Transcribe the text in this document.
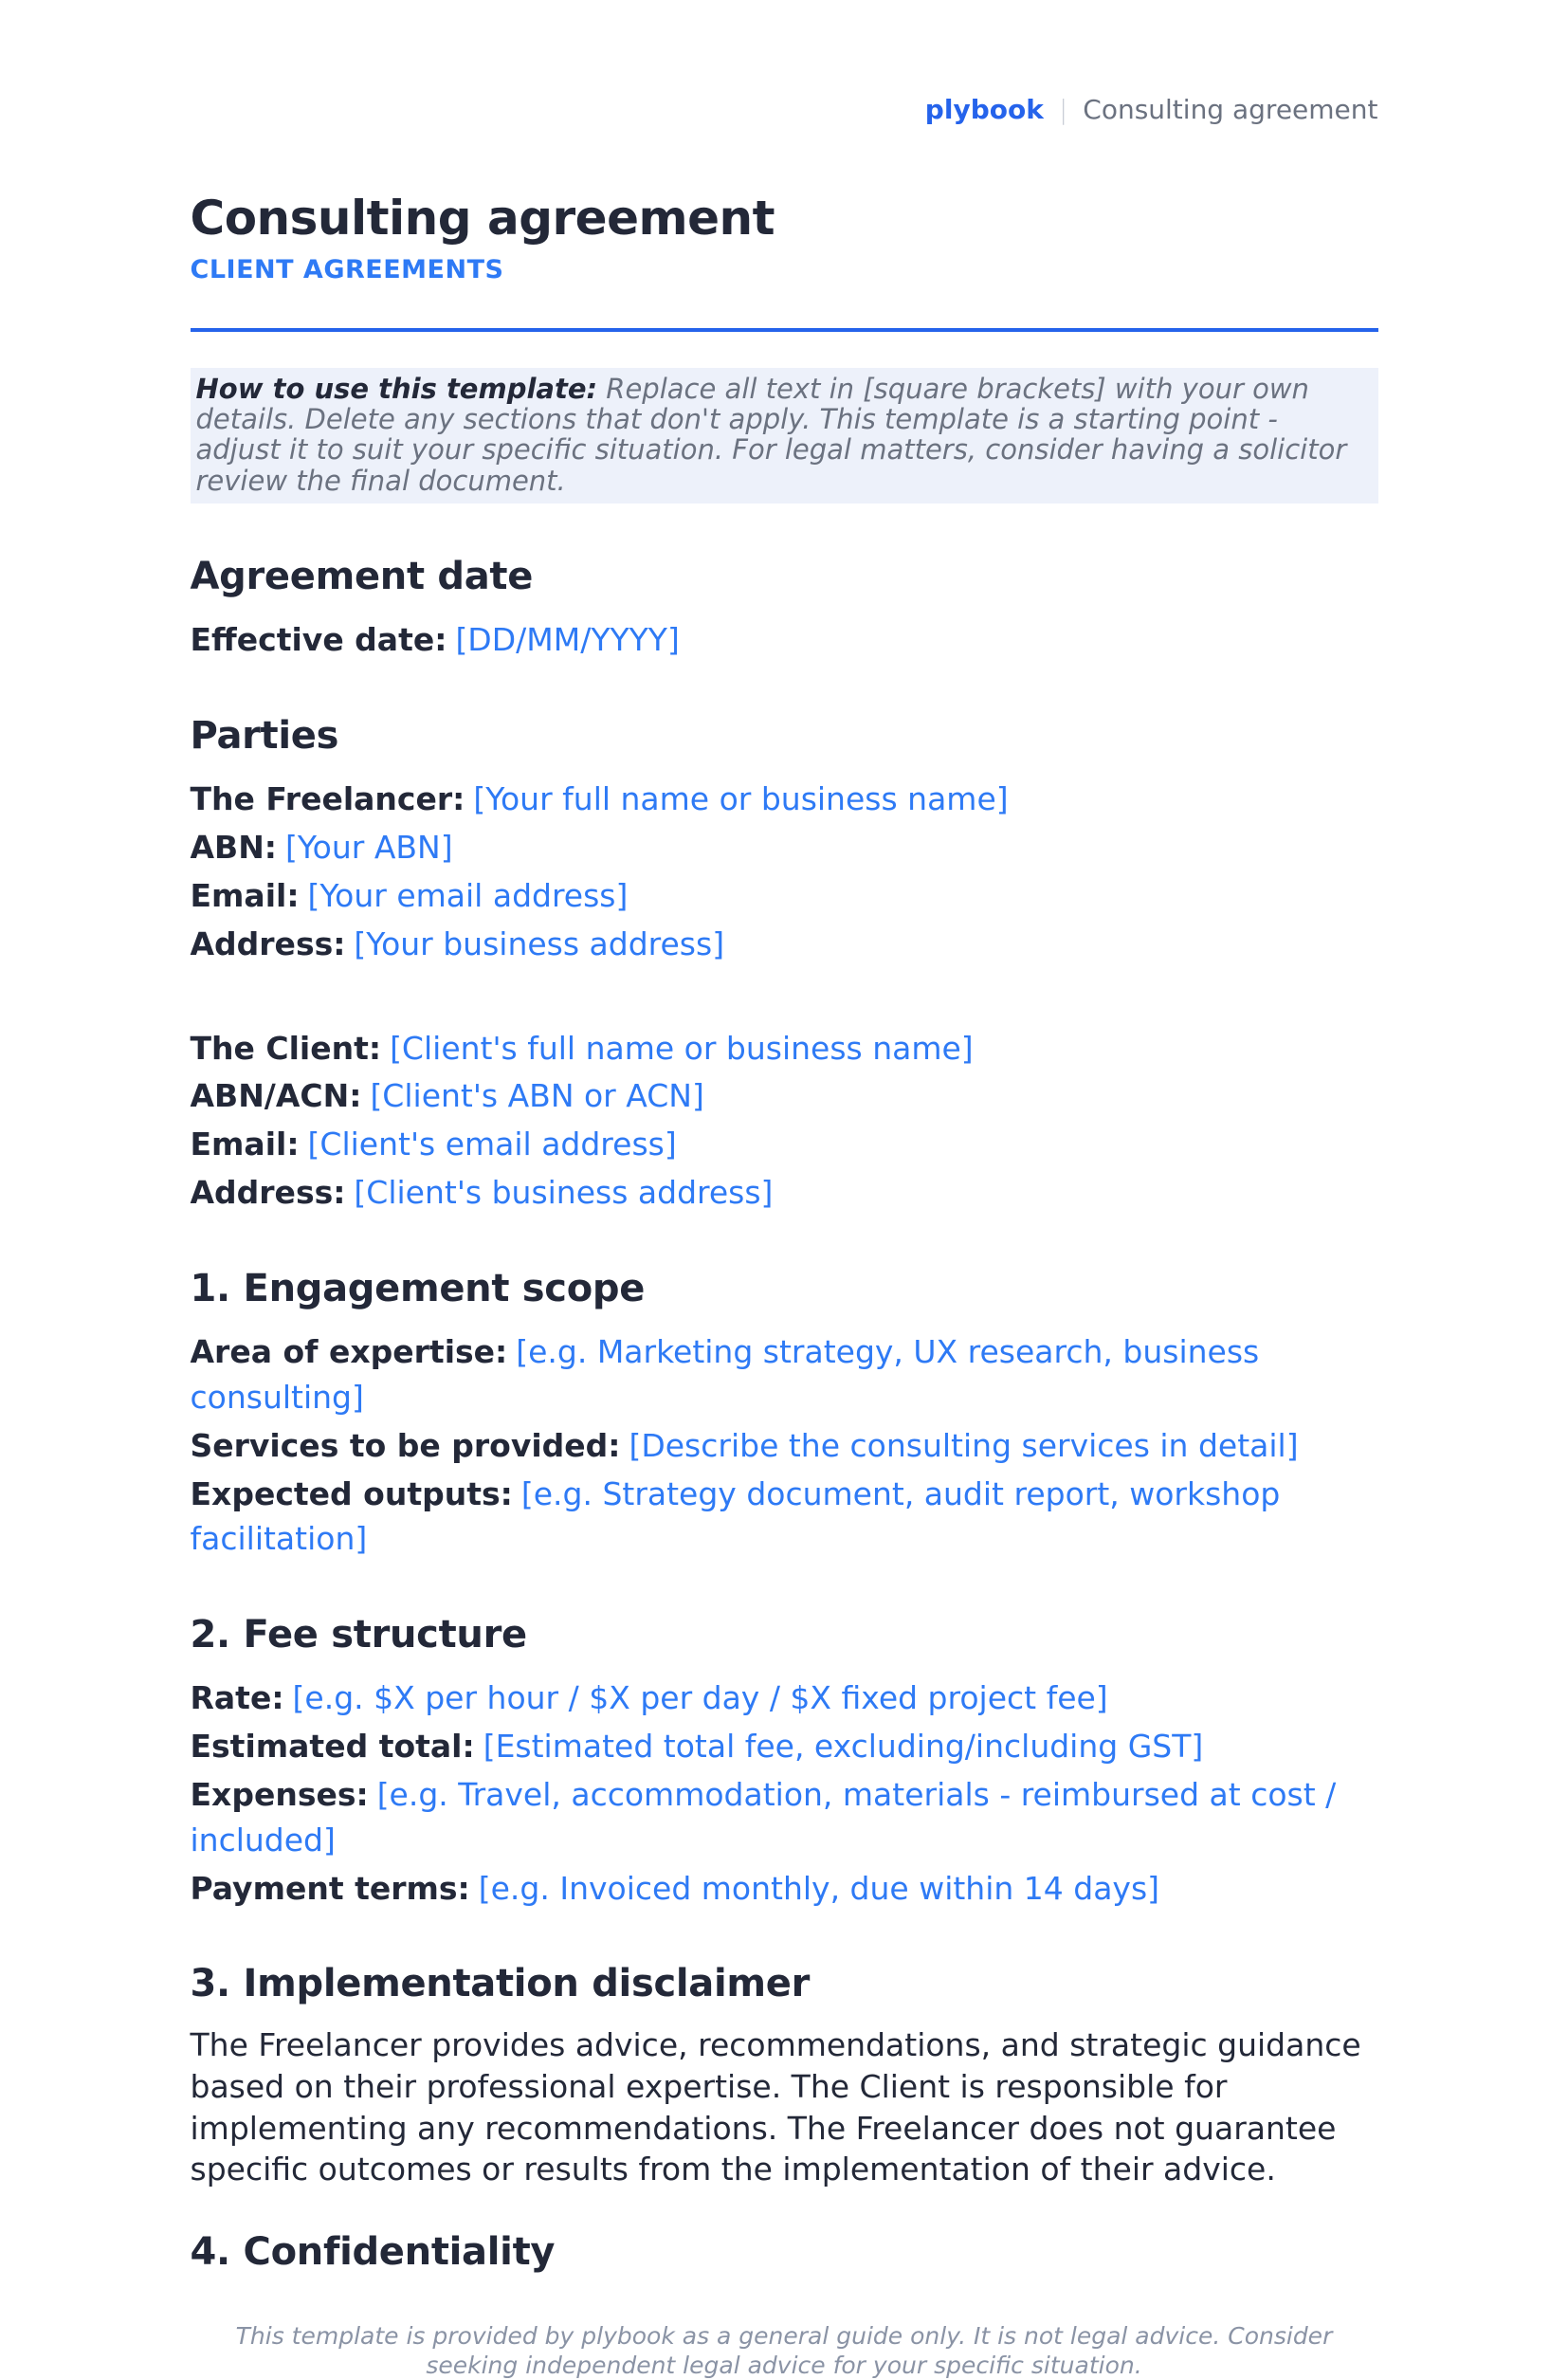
plybook | Consulting agreement
Consulting agreement
CLIENT AGREEMENTS
How to use this template: Replace all text in [square brackets] with your own details. Delete any sections that don't apply. This template is a starting point - adjust it to suit your specific situation. For legal matters, consider having a solicitor review the final document.
Agreement date

Effective date: [DD/MM/YYYY]

Parties

The Freelancer: [Your full name or business name]

ABN: [Your ABN]

Email: [Your email address]

Address: [Your business address]

The Client: [Client's full name or business name]

ABN/ACN: [Client's ABN or ACN]

Email: [Client's email address]

Address: [Client's business address]

1. Engagement scope

Area of expertise: [e.g. Marketing strategy, UX research, business consulting]

Services to be provided: [Describe the consulting services in detail]

Expected outputs: [e.g. Strategy document, audit report, workshop facilitation]

2. Fee structure

Rate: [e.g. $X per hour / $X per day / $X fixed project fee]

Estimated total: [Estimated total fee, excluding/including GST]

Expenses: [e.g. Travel, accommodation, materials - reimbursed at cost / included]

Payment terms: [e.g. Invoiced monthly, due within 14 days]

3. Implementation disclaimer

The Freelancer provides advice, recommendations, and strategic guidance based on their professional expertise. The Client is responsible for implementing any recommendations. The Freelancer does not guarantee specific outcomes or results from the implementation of their advice.

4. Confidentiality
This template is provided by plybook as a general guide only. It is not legal advice. Consider seeking independent legal advice for your specific situation.
